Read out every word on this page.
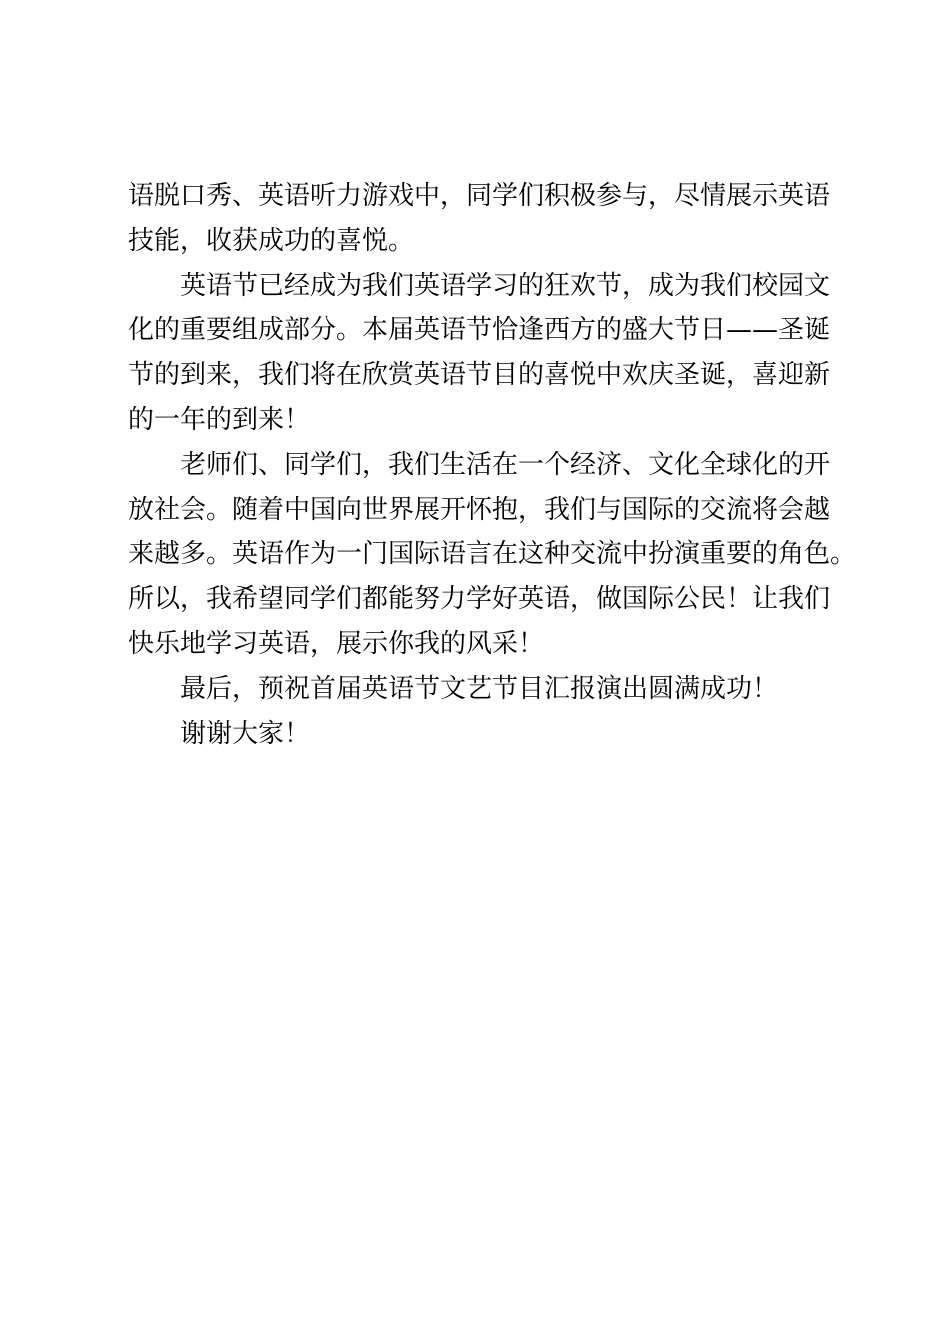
语脱口秀、英语听力游戏中，同学们积极参与，尽情展示英语
技能，收获成功的喜悦。

英语节已经成为我们英语学习的狂欢节，成为我们校园文
化的重要组成部分。本届英语节恰逢西方的盛大节日——圣诞
节的到来，我们将在欣赏英语节目的喜悦中欢庆圣诞，喜迎新
的一年的到来！

老师们、同学们，我们生活在一个经济、文化全球化的开
放社会。随着中国向世界展开怀抱，我们与国际的交流将会越
来越多。英语作为一门国际语言在这种交流中扮演重要的角色。
所以，我希望同学们都能努力学好英语，做国际公民！让我们
快乐地学习英语，展示你我的风采！

最后，预祝首届英语节文艺节目汇报演出圆满成功！

谢谢大家！
